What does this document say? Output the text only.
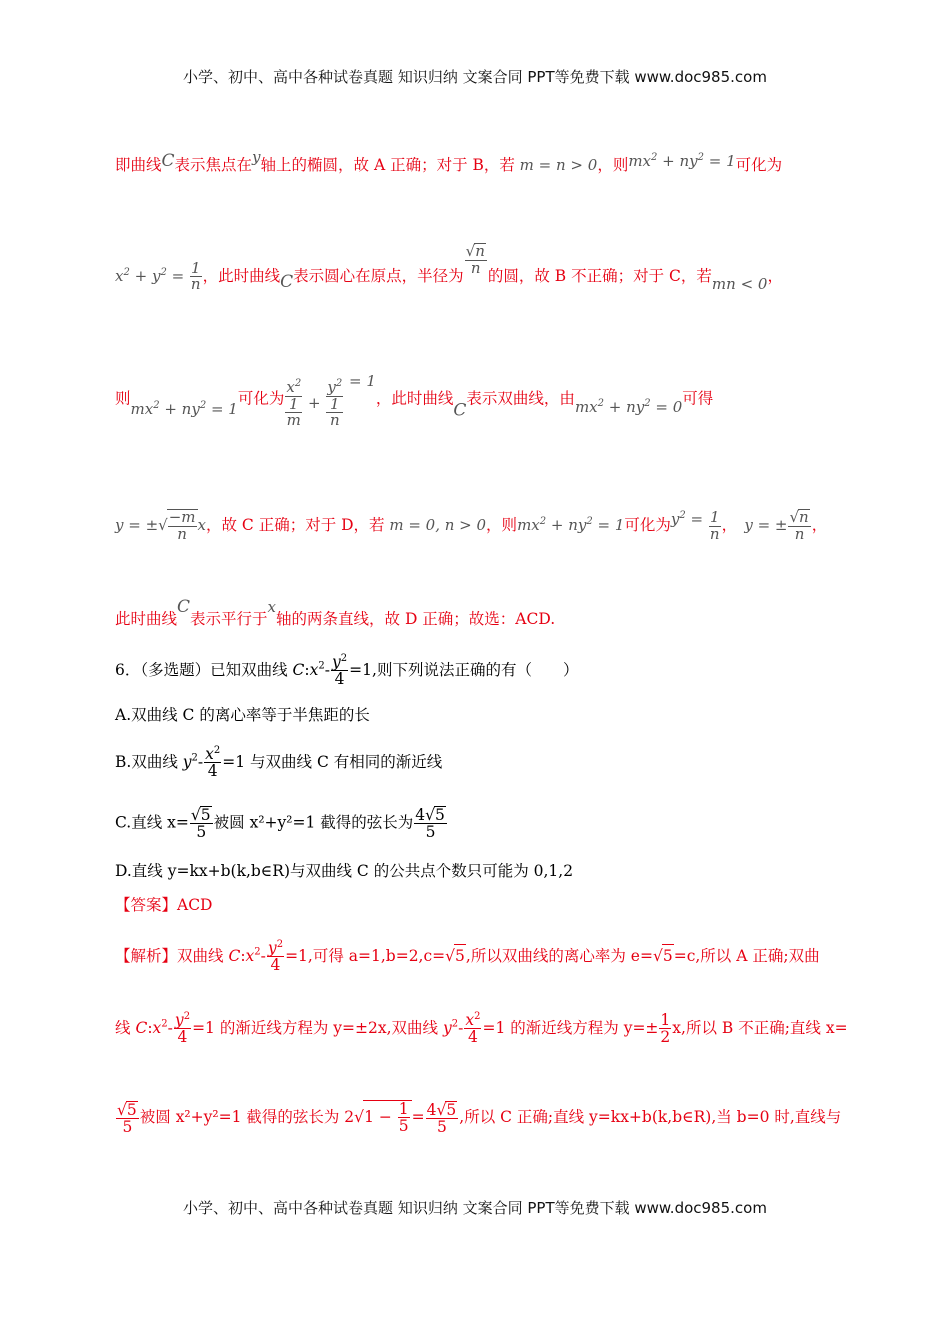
小学、初中、高中各种试卷真题 知识归纳 文案合同 PPT等免费下载 www.doc985.com
即曲线C表示焦点在y轴上的椭圆，故 A 正确；对于 B，若 m = n > 0，则$mx^2 + ny^2 = 1$可化为
$x^2 + y^2 = \frac{1}{n}$ ，此时曲线C表示圆心在原点，半径为 $\frac{√n}{n}$ 的圆，故 B 不正确；对于 C，若mn < 0，
则$mx^2 + ny^2 = 1$可化为
$x^2$
1
m
+
$y^2$
1
n
= 1，此时曲线C表示双曲线，由$mx^2 + ny^2 = 0$可得
y = ±√ $\frac{-m}{n}$ x，故 C 正确；对于 D，若 m = 0, n > 0，则$mx^2 + ny^2 = 1$可化为$y^2 = \frac{1}{n}$ ，　y = ± $\frac{√n}{n}$ ，
此时曲线C表示平行于x轴的两条直线，故 D 正确；故选：ACD.
6．（多选题）已知双曲线 $C:x^2- \frac{y^2}{4} =1$,则下列说法正确的有（　　）
A.双曲线 C 的离心率等于半焦距的长
B.双曲线 $y^2- \frac{x^2}{4} =1$ 与双曲线 C 有相同的渐近线
C.直线 $x= \frac{√5}{5}$ 被圆 x²+y²=1 截得的弦长为 $\frac{4√5}{5}$
D.直线 y=kx+b(k,b∈R)与双曲线 C 的公共点个数只可能为 0,1,2
【答案】ACD
【解析】双曲线 $C:x^2- \frac{y^2}{4} =1$,可得 a=1,b=2,c=√5,所以双曲线的离心率为 e=√5=c,所以 A 正确;双曲
线 $C:x^2- \frac{y^2}{4} =1$ 的渐近线方程为 y=±2x,双曲线 $y^2- \frac{x^2}{4} =1$ 的渐近线方程为 $y=\pm \frac{1}{2} x$,所以 B 不正确;直线 x=
$\frac{√5}{5}$ 被圆 x²+y²=1 截得的弦长为 $2√1 - \frac{1}{5} = \frac{4√5}{5}$ ,所以 C 正确;直线 y=kx+b(k,b∈R),当 b=0 时,直线与
小学、初中、高中各种试卷真题 知识归纳 文案合同 PPT等免费下载 www.doc985.com
